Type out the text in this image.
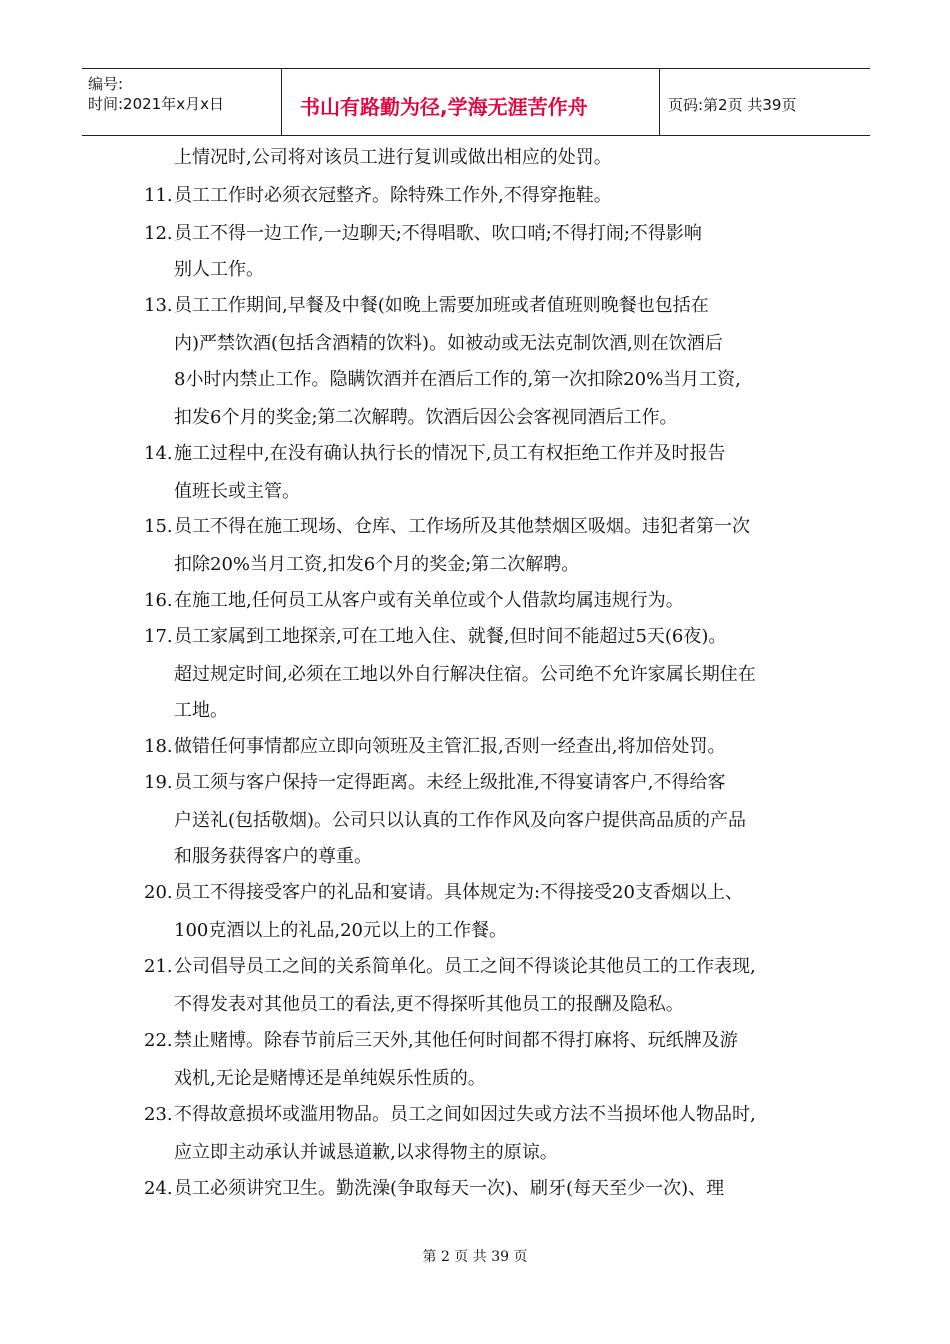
编号:
时间:2021年x月x日	书山有路勤为径,学海无涯苦作舟	页码:第2页 共39页
上情况时,公司将对该员工进行复训或做出相应的处罚。
11. 员工工作时必须衣冠整齐。除特殊工作外,不得穿拖鞋。
12. 员工不得一边工作,一边聊天;不得唱歌、吹口哨;不得打闹;不得影响
别人工作。
13. 员工工作期间,早餐及中餐(如晚上需要加班或者值班则晚餐也包括在
内)严禁饮酒(包括含酒精的饮料)。如被动或无法克制饮酒,则在饮酒后
8小时内禁止工作。隐瞒饮酒并在酒后工作的,第一次扣除20%当月工资,
扣发6个月的奖金;第二次解聘。饮酒后因公会客视同酒后工作。
14. 施工过程中,在没有确认执行长的情况下,员工有权拒绝工作并及时报告
值班长或主管。
15. 员工不得在施工现场、仓库、工作场所及其他禁烟区吸烟。违犯者第一次
扣除20%当月工资,扣发6个月的奖金;第二次解聘。
16. 在施工地,任何员工从客户或有关单位或个人借款均属违规行为。
17. 员工家属到工地探亲,可在工地入住、就餐,但时间不能超过5天(6夜)。
超过规定时间,必须在工地以外自行解决住宿。公司绝不允许家属长期住在
工地。
18. 做错任何事情都应立即向领班及主管汇报,否则一经查出,将加倍处罚。
19. 员工须与客户保持一定得距离。未经上级批准,不得宴请客户,不得给客
户送礼(包括敬烟)。公司只以认真的工作作风及向客户提供高品质的产品
和服务获得客户的尊重。
20. 员工不得接受客户的礼品和宴请。具体规定为:不得接受20支香烟以上、
100克酒以上的礼品,20元以上的工作餐。
21. 公司倡导员工之间的关系简单化。员工之间不得谈论其他员工的工作表现,
不得发表对其他员工的看法,更不得探听其他员工的报酬及隐私。
22. 禁止赌博。除春节前后三天外,其他任何时间都不得打麻将、玩纸牌及游
戏机,无论是赌博还是单纯娱乐性质的。
23. 不得故意损坏或滥用物品。员工之间如因过失或方法不当损坏他人物品时,
应立即主动承认并诚恳道歉,以求得物主的原谅。
24. 员工必须讲究卫生。勤洗澡(争取每天一次)、刷牙(每天至少一次)、理
第 2 页 共 39 页
